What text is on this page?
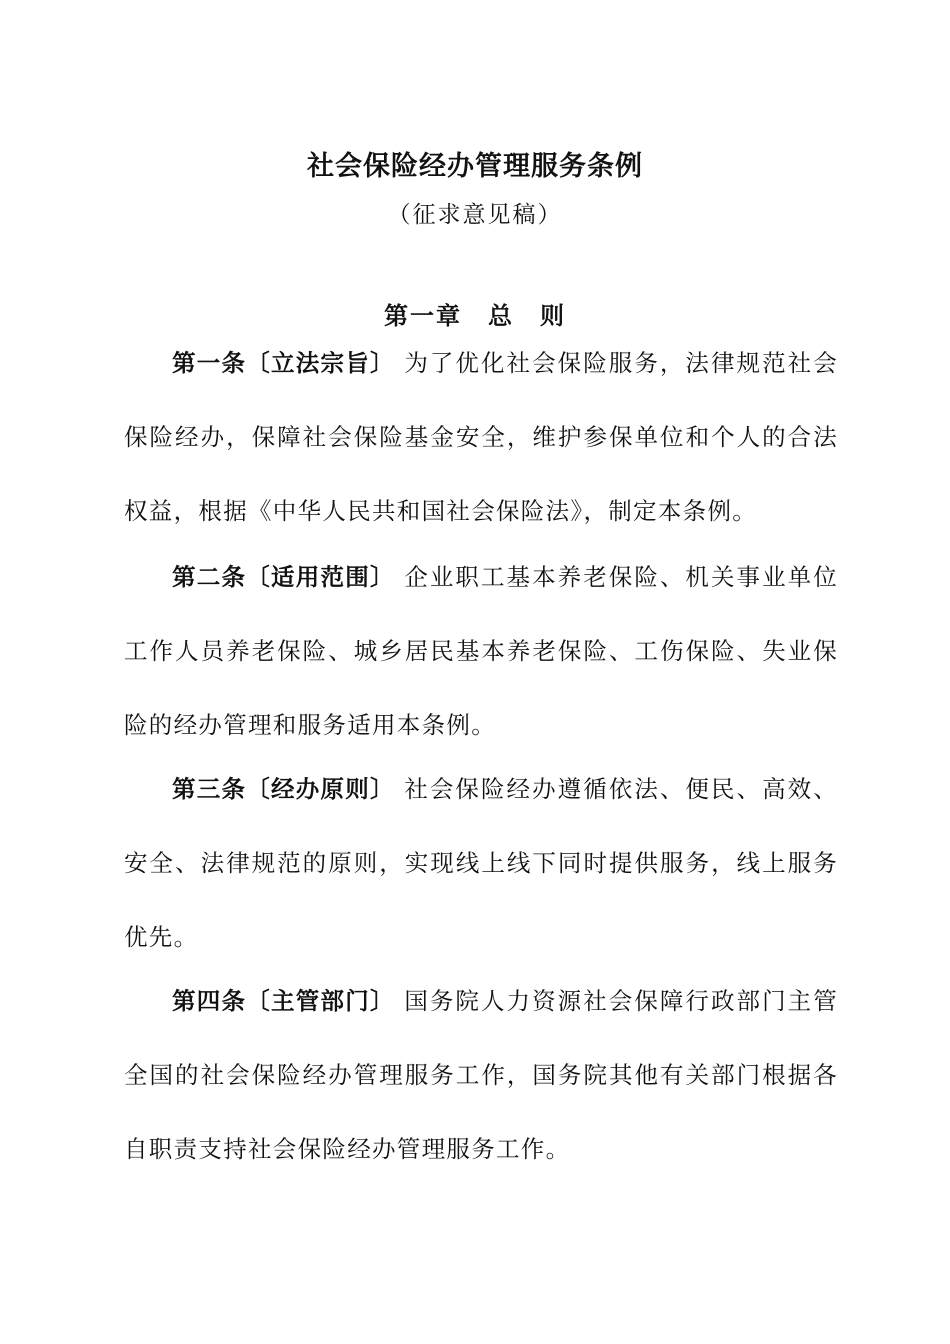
社会保险经办管理服务条例
（征求意见稿）
第一章　总　则
第一条〔立法宗旨〕 为了优化社会保险服务，法律规范社会保险经办，保障社会保险基金安全，维护参保单位和个人的合法权益，根据《中华人民共和国社会保险法》，制定本条例。
第二条〔适用范围〕 企业职工基本养老保险、机关事业单位工作人员养老保险、城乡居民基本养老保险、工伤保险、失业保险的经办管理和服务适用本条例。
第三条〔经办原则〕 社会保险经办遵循依法、便民、高效、安全、法律规范的原则，实现线上线下同时提供服务，线上服务优先。
第四条〔主管部门〕 国务院人力资源社会保障行政部门主管全国的社会保险经办管理服务工作，国务院其他有关部门根据各自职责支持社会保险经办管理服务工作。
